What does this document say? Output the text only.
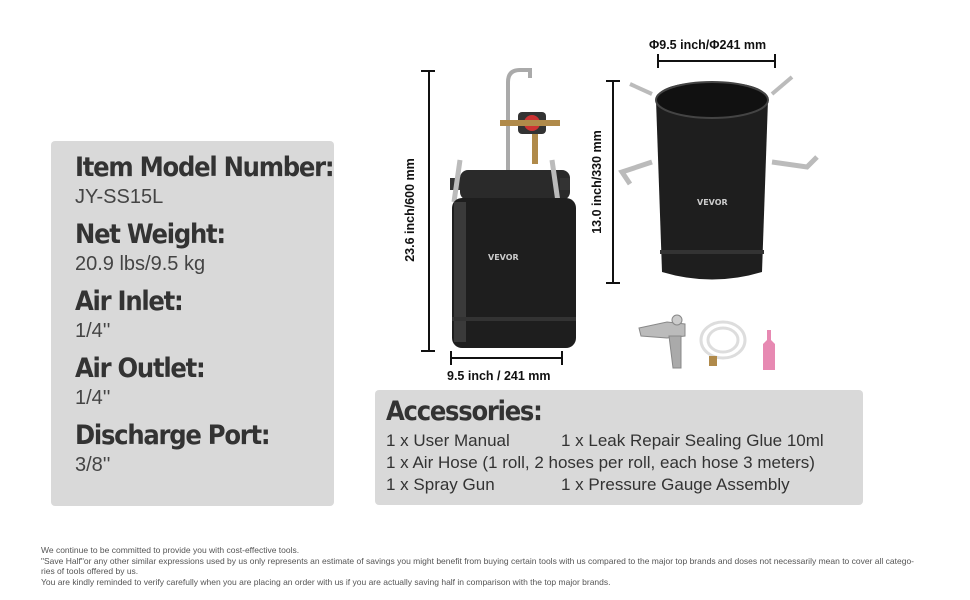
Item Model Number:
JY-SS15L
Net Weight:
20.9 lbs/9.5 kg
Air Inlet:
1/4''
Air Outlet:
1/4''
Discharge Port:
3/8''
VEVOR
23.6 inch/600 mm
9.5 inch / 241 mm
Φ9.5 inch/Φ241 mm
13.0 inch/330 mm	VEVOR
Accessories:
1 x User Manual	1 x Leak Repair Sealing Glue 10ml
1 x Air Hose (1 roll, 2 hoses per roll, each hose 3 meters)
1 x Spray Gun	1 x Pressure Gauge Assembly
We continue to be committed to provide you with cost-effective tools.
"Save Half"or any other similar expressions used by us only represents an estimate of savings you might benefit from buying certain tools with us compared to the major top brands and doses not necessarily mean to cover all catego-
ries of tools offered by us.
You are kindly reminded to verify carefully when you are placing an order with us if you are actually saving half in comparison with the top major brands.
